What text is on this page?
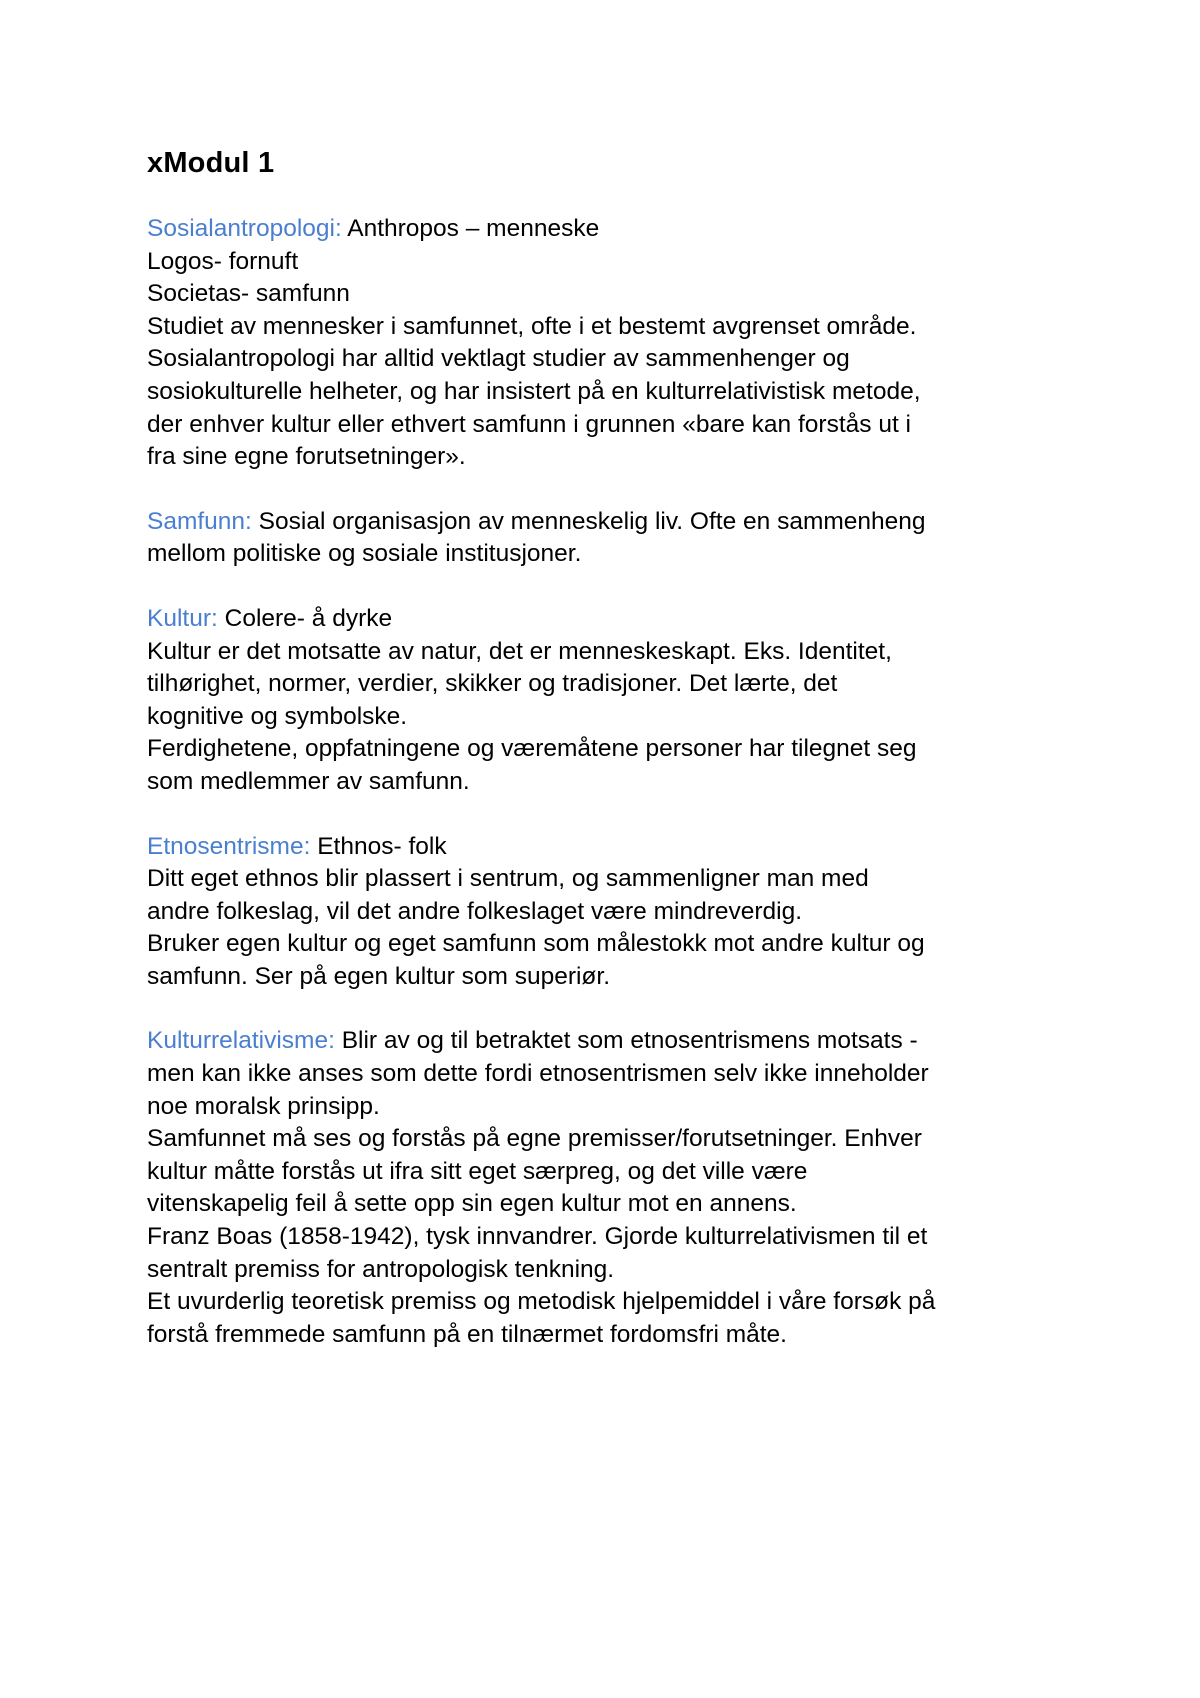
xModul 1
Sosialantropologi: Anthropos – menneske
Logos- fornuft
Societas- samfunn
Studiet av mennesker i samfunnet, ofte i et bestemt avgrenset område.
Sosialantropologi har alltid vektlagt studier av sammenhenger og
sosiokulturelle helheter, og har insistert på en kulturrelativistisk metode,
der enhver kultur eller ethvert samfunn i grunnen «bare kan forstås ut i
fra sine egne forutsetninger».
Samfunn: Sosial organisasjon av menneskelig liv. Ofte en sammenheng
mellom politiske og sosiale institusjoner.
Kultur: Colere- å dyrke
Kultur er det motsatte av natur, det er menneskeskapt. Eks. Identitet,
tilhørighet, normer, verdier, skikker og tradisjoner. Det lærte, det
kognitive og symbolske.
Ferdighetene, oppfatningene og væremåtene personer har tilegnet seg
som medlemmer av samfunn.
Etnosentrisme: Ethnos- folk
Ditt eget ethnos blir plassert i sentrum, og sammenligner man med
andre folkeslag, vil det andre folkeslaget være mindreverdig.
Bruker egen kultur og eget samfunn som målestokk mot andre kultur og
samfunn. Ser på egen kultur som superiør.
Kulturrelativisme: Blir av og til betraktet som etnosentrismens motsats -
men kan ikke anses som dette fordi etnosentrismen selv ikke inneholder
noe moralsk prinsipp.
Samfunnet må ses og forstås på egne premisser/forutsetninger. Enhver
kultur måtte forstås ut ifra sitt eget særpreg, og det ville være
vitenskapelig feil å sette opp sin egen kultur mot en annens.
Franz Boas (1858-1942), tysk innvandrer. Gjorde kulturrelativismen til et
sentralt premiss for antropologisk tenkning.
Et uvurderlig teoretisk premiss og metodisk hjelpemiddel i våre forsøk på
forstå fremmede samfunn på en tilnærmet fordomsfri måte.
